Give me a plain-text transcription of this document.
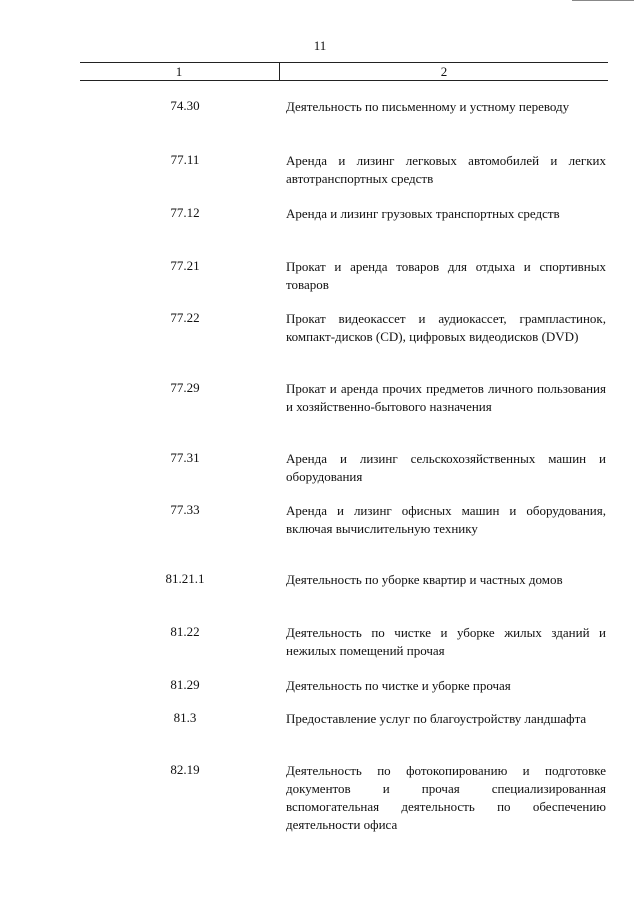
11
1	2
74.30	Деятельность по письменному и устному переводу
77.11	Аренда и лизинг легковых автомобилей и легких автотранспортных средств
77.12	Аренда и лизинг грузовых транспортных средств
77.21	Прокат и аренда товаров для отдыха и спортивных товаров
77.22	Прокат видеокассет и аудиокассет, грампластинок, компакт-дисков (CD), цифровых видеодисков (DVD)
77.29	Прокат и аренда прочих предметов личного пользования и хозяйственно-бытового назначения
77.31	Аренда и лизинг сельскохозяйственных машин и оборудования
77.33	Аренда и лизинг офисных машин и оборудования, включая вычислительную технику
81.21.1	Деятельность по уборке квартир и частных домов
81.22	Деятельность по чистке и уборке жилых зданий и нежилых помещений прочая
81.29	Деятельность по чистке и уборке прочая
81.3	Предоставление услуг по благоустройству ландшафта
82.19	Деятельность по фотокопированию и подготовке документов и прочая специализированная вспомогательная деятельность по обеспечению деятельности офиса
